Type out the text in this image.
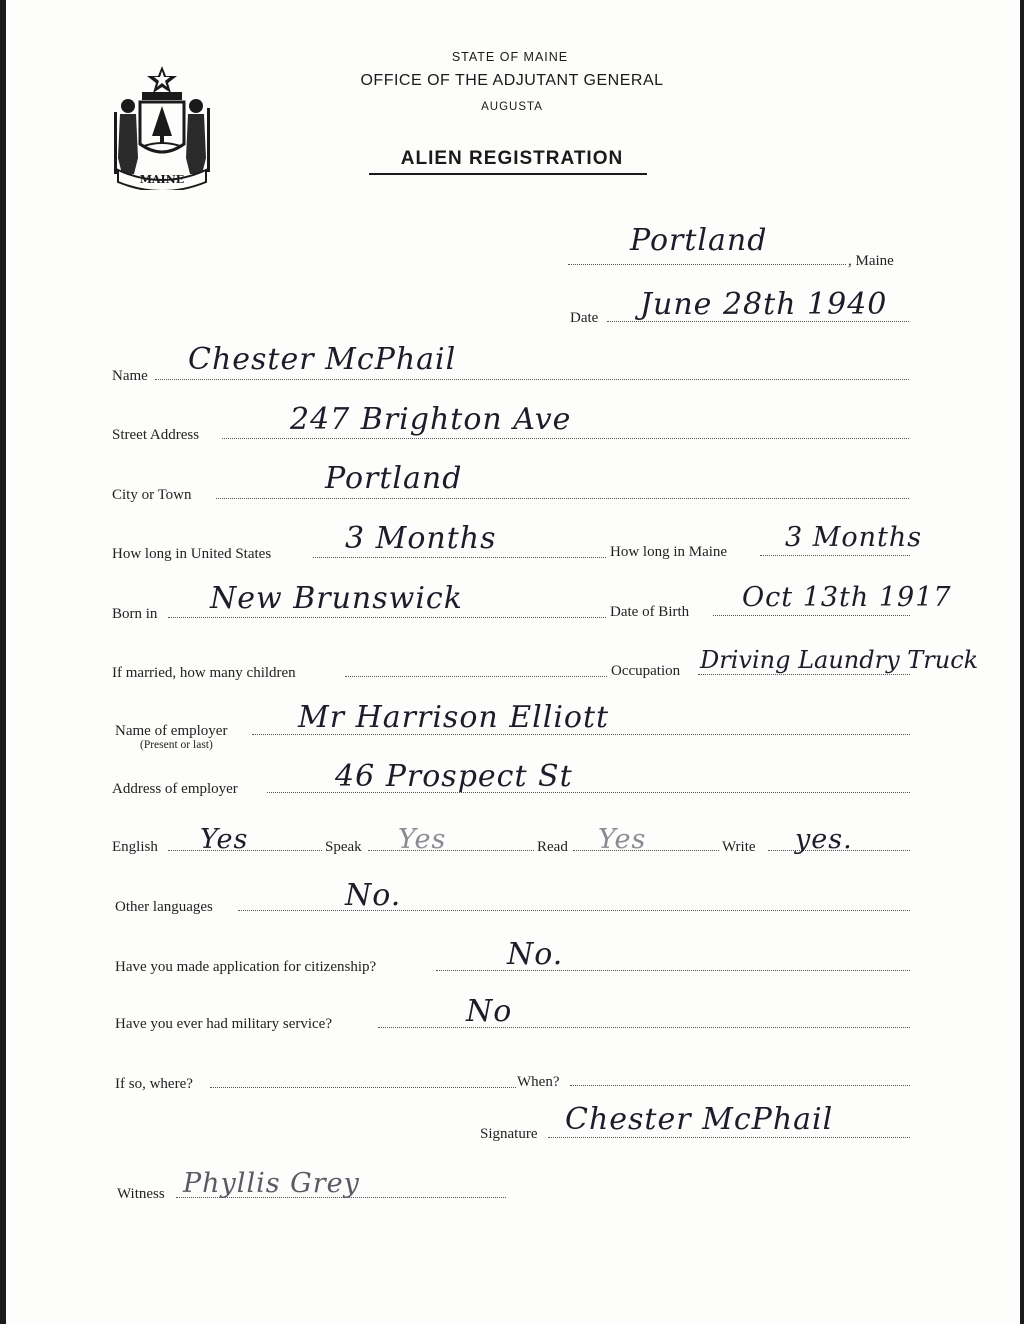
MAINE
STATE OF MAINE
OFFICE OF THE ADJUTANT GENERAL
AUGUSTA
ALIEN REGISTRATION
Portland
, Maine
Date June 28th 1940
Name Chester McPhail
Street Address	247 Brighton Ave
City or Town	Portland
How long in United States 3 Months	How long in Maine 3 Months
Born in New Brunswick	Date of Birth Oct 13th 1917
If married, how many children	Occupation Driving Laundry Truck
Name of employer
(Present or last)
Mr Harrison Elliott
Address of employer	46 Prospect St
English Yes	Speak Yes	Read Yes	Write yes.
Other languages	No.
Have you made application for citizenship?	No.
Have you ever had military service?	No
If so, where?	When?
Signature Chester McPhail
Witness Phyllis Grey
